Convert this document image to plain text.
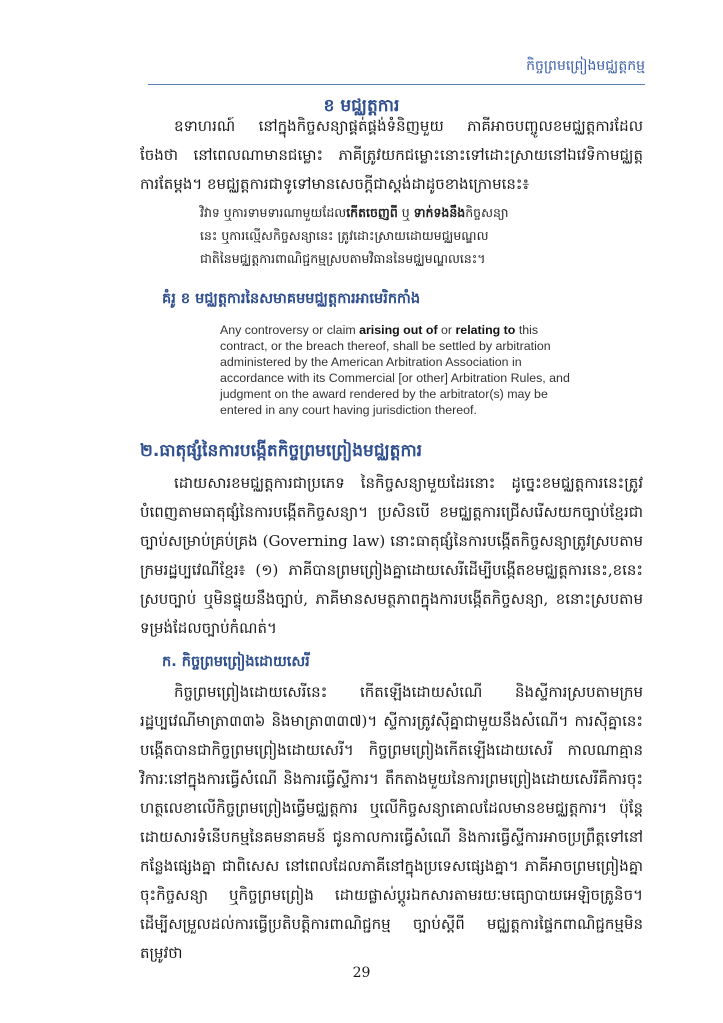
កិច្ចព្រមព្រៀងមជ្ឈត្តកម្ម
ខ មជ្ឈត្តការ

ឧទាហរណ៍ នៅក្នុងកិច្ចសន្យាផ្គត់ផ្គង់ទំនិញមួយ ភាគីអាចបញ្ចូលខមជ្ឈត្តការដែលចែងថា នៅពេលណាមានជម្លោះ ភាគីត្រូវយកជម្លោះនោះទៅដោះស្រាយនៅឯវេទិកាមជ្ឈត្តការតែម្តង។ ខមជ្ឈត្តការជាទូទៅមានសេចក្តីជាស្តង់ដាដូចខាងក្រោមនេះ៖

វិវាទ ឬការទាមទារណាមួយដែលកើតចេញពី ឬ ទាក់ទងនឹងកិច្ចសន្យា
នេះ ឬការល្មើសកិច្ចសន្យានេះ ត្រូវដោះស្រាយដោយមជ្ឈមណ្ឌល
ជាតិនៃមជ្ឈត្តការពាណិជ្ជកម្មស្របតាមវិធាននៃមជ្ឈមណ្ឌលនេះ។
គំរូ ខ មជ្ឈត្តការនៃសមាគមមជ្ឈត្តការអាមេរិកកាំង
Any controversy or claim arising out of or relating to this contract, or the breach thereof, shall be settled by arbitration administered by the American Arbitration Association in accordance with its Commercial [or other] Arbitration Rules, and judgment on the award rendered by the arbitrator(s) may be entered in any court having jurisdiction thereof.
២.ធាតុផ្សំនៃការបង្កើតកិច្ចព្រមព្រៀងមជ្ឈត្តការ

ដោយសារខមជ្ឈត្តការជាប្រភេទ នៃកិច្ចសន្យាមួយដែរនោះ ដូច្នេះខមជ្ឈត្តការនេះត្រូវបំពេញតាមធាតុផ្សំនៃការបង្កើតកិច្ចសន្យា។ ប្រសិនបើ ខមជ្ឈត្តការជ្រើសរើសយកច្បាប់ខ្មែរជាច្បាប់សម្រាប់គ្រប់គ្រង (Governing law) នោះធាតុផ្សំនៃការបង្កើតកិច្ចសន្យាត្រូវស្របតាមក្រមរដ្ឋប្បវេណីខ្មែរ៖ (១) ភាគីបានព្រមព្រៀងគ្នាដោយសេរីដើម្បីបង្កើតខមជ្ឈត្តការនេះ,ខនេះស្របច្បាប់ ឬមិនផ្ទុយនឹងច្បាប់, ភាគីមានសមត្ថភាពក្នុងការបង្កើតកិច្ចសន្យា, ខនោះស្របតាមទម្រង់ដែលច្បាប់កំណត់។

ក. កិច្ចព្រមព្រៀងដោយសេរី

កិច្ចព្រមព្រៀងដោយសេរីនេះ កើតឡើងដោយសំណើ និងស្ទីការស្របតាមក្រមរដ្ឋប្បវេណីមាត្រា៣៣៦ និងមាត្រា៣៣៧)។ ស្ទីការត្រូវស៊ីគ្នាជាមួយនឹងសំណើ។ ការស៊ីគ្នានេះបង្កើតបានជាកិច្ចព្រមព្រៀងដោយសេរី។ កិច្ចព្រមព្រៀងកើតឡើងដោយសេរី កាលណាគ្មានវិការៈនៅក្នុងការធ្វើសំណើ និងការធ្វើស្ទីការ។ តឹកតាងមួយនៃការព្រមព្រៀងដោយសេរីគឺការចុះហត្ថលេខាលើកិច្ចព្រមព្រៀងធ្វើមជ្ឈត្តការ ឬលើកិច្ចសន្យាគោលដែលមានខមជ្ឈត្តការ។ ប៉ុន្តែដោយសារទំនើបកម្មនៃគមនាគមន៍ ជូនកាលការធ្វើសំណើ និងការធ្វើស្ទីការអាចប្រព្រឹត្តទៅនៅកន្លែងផ្សេងគ្នា ជាពិសេស នៅពេលដែលភាគីនៅក្នុងប្រទេសផ្សេងគ្នា។ ភាគីអាចព្រមព្រៀងគ្នាចុះកិច្ចសន្យា ឬកិច្ចព្រមព្រៀង ដោយផ្លាស់ប្តូរឯកសារតាមរយៈមធ្យោបាយអេឡិចត្រូនិច។ ដើម្បីសម្រួលដល់ការធ្វើប្រតិបត្តិការពាណិជ្ជកម្ម ច្បាប់ស្តីពី មជ្ឈត្តការផ្ទៃកពាណិជ្ជកម្មមិនតម្រូវថា

29
